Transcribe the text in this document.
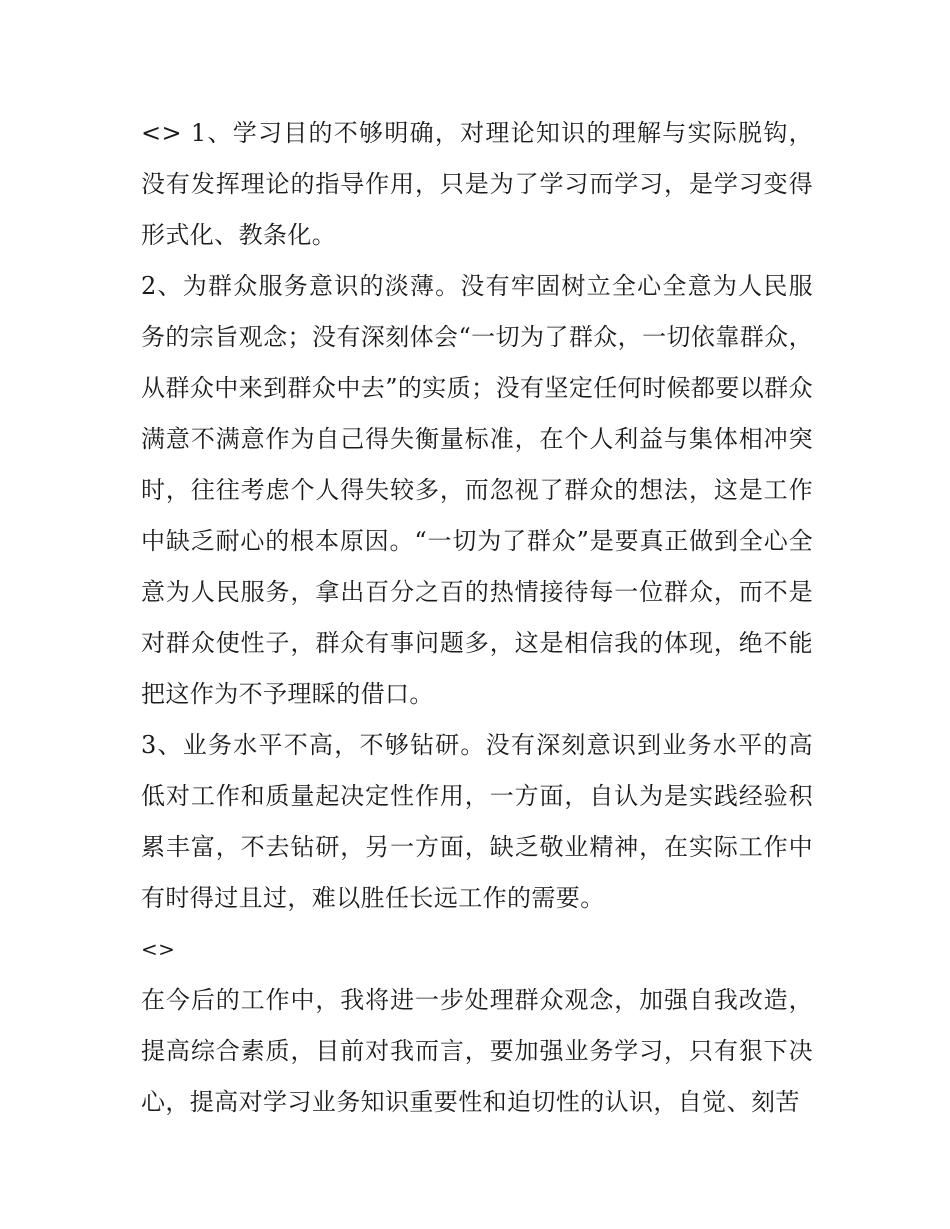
<> 1、学习目的不够明确，对理论知识的理解与实际脱钩，没有发挥理论的指导作用，只是为了学习而学习，是学习变得形式化、教条化。

2、为群众服务意识的淡薄。没有牢固树立全心全意为人民服务的宗旨观念；没有深刻体会“一切为了群众，一切依靠群众，从群众中来到群众中去”的实质；没有坚定任何时候都要以群众满意不满意作为自己得失衡量标准，在个人利益与集体相冲突时，往往考虑个人得失较多，而忽视了群众的想法，这是工作中缺乏耐心的根本原因。“一切为了群众”是要真正做到全心全意为人民服务，拿出百分之百的热情接待每一位群众，而不是对群众使性子，群众有事问题多，这是相信我的体现，绝不能把这作为不予理睬的借口。

3、业务水平不高，不够钻研。没有深刻意识到业务水平的高低对工作和质量起决定性作用，一方面，自认为是实践经验积累丰富，不去钻研，另一方面，缺乏敬业精神，在实际工作中有时得过且过，难以胜任长远工作的需要。

<>

在今后的工作中，我将进一步处理群众观念，加强自我改造，提高综合素质，目前对我而言，要加强业务学习，只有狠下决心，提高对学习业务知识重要性和迫切性的认识，自觉、刻苦
